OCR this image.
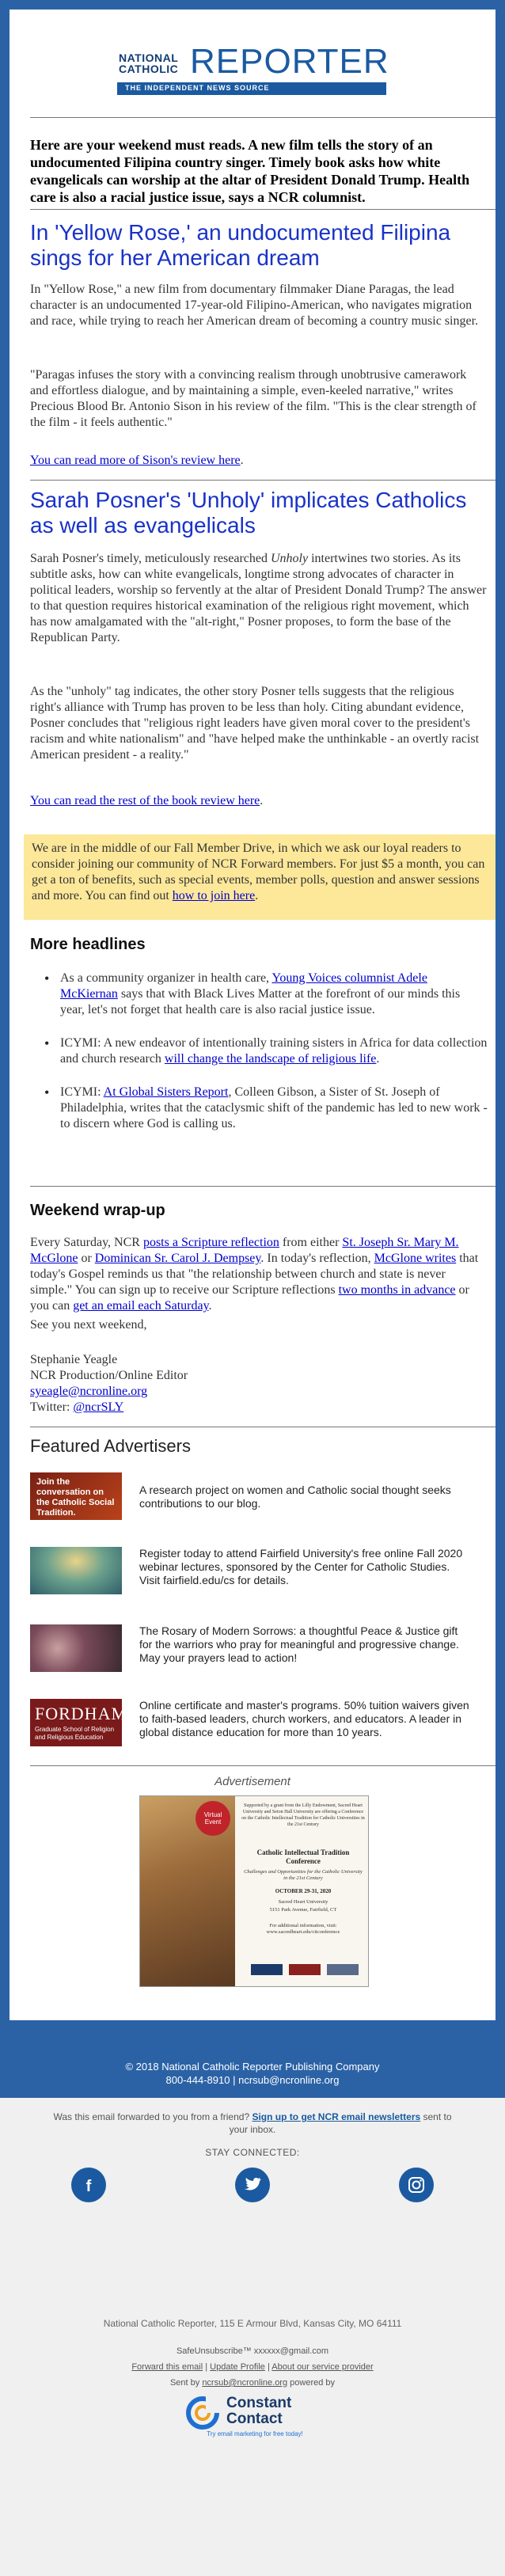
NATIONAL
CATHOLIC REPORTER
THE INDEPENDENT NEWS SOURCE

Here are your weekend must reads. A new film tells the story of an undocumented Filipina country singer. Timely book asks how white evangelicals can worship at the altar of President Donald Trump. Health care is also a racial justice issue, says a NCR columnist.

In 'Yellow Rose,' an undocumented Filipina sings for her American dream

In "Yellow Rose," a new film from documentary filmmaker Diane Paragas, the lead character is an undocumented 17-year-old Filipino-American, who navigates migration and race, while trying to reach her American dream of becoming a country music singer.

"Paragas infuses the story with a convincing realism through unobtrusive camerawork and effortless dialogue, and by maintaining a simple, even-keeled narrative," writes Precious Blood Br. Antonio Sison in his review of the film. "This is the clear strength of the film - it feels authentic."

You can read more of Sison's review here.

Sarah Posner's 'Unholy' implicates Catholics as well as evangelicals

Sarah Posner's timely, meticulously researched Unholy intertwines two stories. As its subtitle asks, how can white evangelicals, longtime strong advocates of character in political leaders, worship so fervently at the altar of President Donald Trump? The answer to that question requires historical examination of the religious right movement, which has now amalgamated with the "alt-right," Posner proposes, to form the base of the Republican Party.

As the "unholy" tag indicates, the other story Posner tells suggests that the religious right's alliance with Trump has proven to be less than holy. Citing abundant evidence, Posner concludes that "religious right leaders have given moral cover to the president's racism and white nationalism" and "have helped make the unthinkable - an overtly racist American president - a reality."

You can read the rest of the book review here.

We are in the middle of our Fall Member Drive, in which we ask our loyal readers to consider joining our community of NCR Forward members. For just $5 a month, you can get a ton of benefits, such as special events, member polls, question and answer sessions and more. You can find out how to join here.
More headlines
• As a community organizer in health care, Young Voices columnist Adele McKiernan says that with Black Lives Matter at the forefront of our minds this year, let's not forget that health care is also racial justice issue.
• ICYMI: A new endeavor of intentionally training sisters in Africa for data collection and church research will change the landscape of religious life.
• ICYMI: At Global Sisters Report, Colleen Gibson, a Sister of St. Joseph of Philadelphia, writes that the cataclysmic shift of the pandemic has led to new work - to discern where God is calling us.
Weekend wrap-up

Every Saturday, NCR posts a Scripture reflection from either St. Joseph Sr. Mary M. McGlone or Dominican Sr. Carol J. Dempsey. In today's reflection, McGlone writes that today's Gospel reminds us that "the relationship between church and state is never simple." You can sign up to receive our Scripture reflections two months in advance or you can get an email each Saturday.

See you next weekend,

Stephanie Yeagle

NCR Production/Online Editor

syeagle@ncronline.org

Twitter: @ncrSLY

Featured Advertisers
Join the conversation on the Catholic Social Tradition.
A research project on women and Catholic social thought seeks contributions to our blog.
Register today to attend Fairfield University's free online Fall 2020 webinar lectures, sponsored by the Center for Catholic Studies. Visit fairfield.edu/cs for details.
The Rosary of Modern Sorrows: a thoughtful Peace & Justice gift for the warriors who pray for meaningful and progressive change. May your prayers lead to action!
FORDHAM
Graduate School of Religion and Religious Education
Online certificate and master's programs. 50% tuition waivers given to faith-based leaders, church workers, and educators. A leader in global distance education for more than 10 years.
Advertisement
Virtual Event
Supported by a grant from the Lilly Endowment, Sacred Heart University and Seton Hall University are offering a Conference on the Catholic Intellectual Tradition for Catholic Universities in the 21st Century
Catholic Intellectual Tradition Conference
Challenges and Opportunities for the Catholic University in the 21st Century
OCTOBER 29-31, 2020
Sacred Heart University
5151 Park Avenue, Fairfield, CT
For additional information, visit: www.sacredheart.edu/citconference
© 2018 National Catholic Reporter Publishing Company
800-444-8910 | ncrsub@ncronline.org
Was this email forwarded to you from a friend? Sign up to get NCR email newsletters sent to your inbox.
STAY CONNECTED:
f
National Catholic Reporter, 115 E Armour Blvd, Kansas City, MO 64111
SafeUnsubscribe™ xxxxxx@gmail.com
Forward this email | Update Profile | About our service provider
Sent by ncrsub@ncronline.org powered by
Constant
Contact
Try email marketing for free today!
